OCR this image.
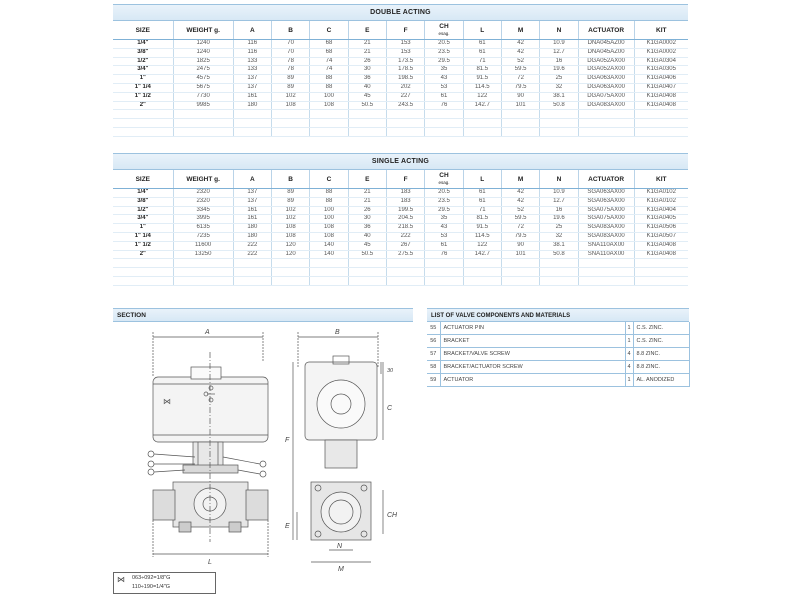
DOUBLE ACTING
SIZE	WEIGHT g.	A	B	C	E	F	CH
esag.	L	M	N	ACTUATOR	KIT
1/4"	1240	116	70	68	21	153	20.5	61	42	10.9	DNA045AZ00	K1GA0002
3/8"	1240	116	70	68	21	153	23.5	61	42	12.7	DNA045AZ00	K1GA0002
1/2"	1825	133	78	74	26	173.5	29.5	71	52	16	DGA052AX00	K1GA0304
3/4"	2475	133	78	74	30	178.5	35	81.5	59.5	19.6	DGA052AX00	K1GA0305
1"	4575	137	89	88	36	198.5	43	91.5	72	25	DGA063AX00	K1GA0406
1" 1/4	5675	137	89	88	40	202	53	114.5	79.5	32	DGA063AX00	K1GA0407
1" 1/2	7730	161	102	100	45	227	61	122	90	38.1	DGA075AX00	K1GA0408
2"	9985	180	108	108	50.5	243.5	76	142.7	101	50.8	DGA083AX00	K1GA0408

SINGLE ACTING
SIZE	WEIGHT g.	A	B	C	E	F	CH
esag.	L	M	N	ACTUATOR	KIT
1/4"	2320	137	89	88	21	183	20.5	61	42	10.9	SGA063AX00	K1GA0102
3/8"	2320	137	89	88	21	183	23.5	61	42	12.7	SGA063AX00	K1GA0102
1/2"	3345	161	102	100	26	199.5	29.5	71	52	16	SGA075AX00	K1GA0404
3/4"	3995	161	102	100	30	204.5	35	81.5	59.5	19.6	SGA075AX00	K1GA0405
1"	6135	180	108	108	36	218.5	43	91.5	72	25	SGA083AX00	K1GA0506
1" 1/4	7235	180	108	108	40	222	53	114.5	79.5	32	SGA083AX00	K1GA0507
1" 1/2	11600	222	120	140	45	267	61	122	90	38.1	SNA110AX00	K1GA0408
2"	13250	222	120	140	50.5	275.5	76	142.7	101	50.8	SNA110AX00	K1GA0408

SECTION
A	B
C
F
E
L
N
M
CH
30
⋈
⋈ 063÷092=1/8"G
110÷190=1/4"G
LIST OF VALVE COMPONENTS AND MATERIALS
55	ACTUATOR PIN	1	C.S. ZINC.
56	BRACKET	1	C.S. ZINC.
57	BRACKET/VALVE SCREW	4	8.8 ZINC.
58	BRACKET/ACTUATOR SCREW	4	8.8 ZINC.
59	ACTUATOR	1	AL. ANODIZED
